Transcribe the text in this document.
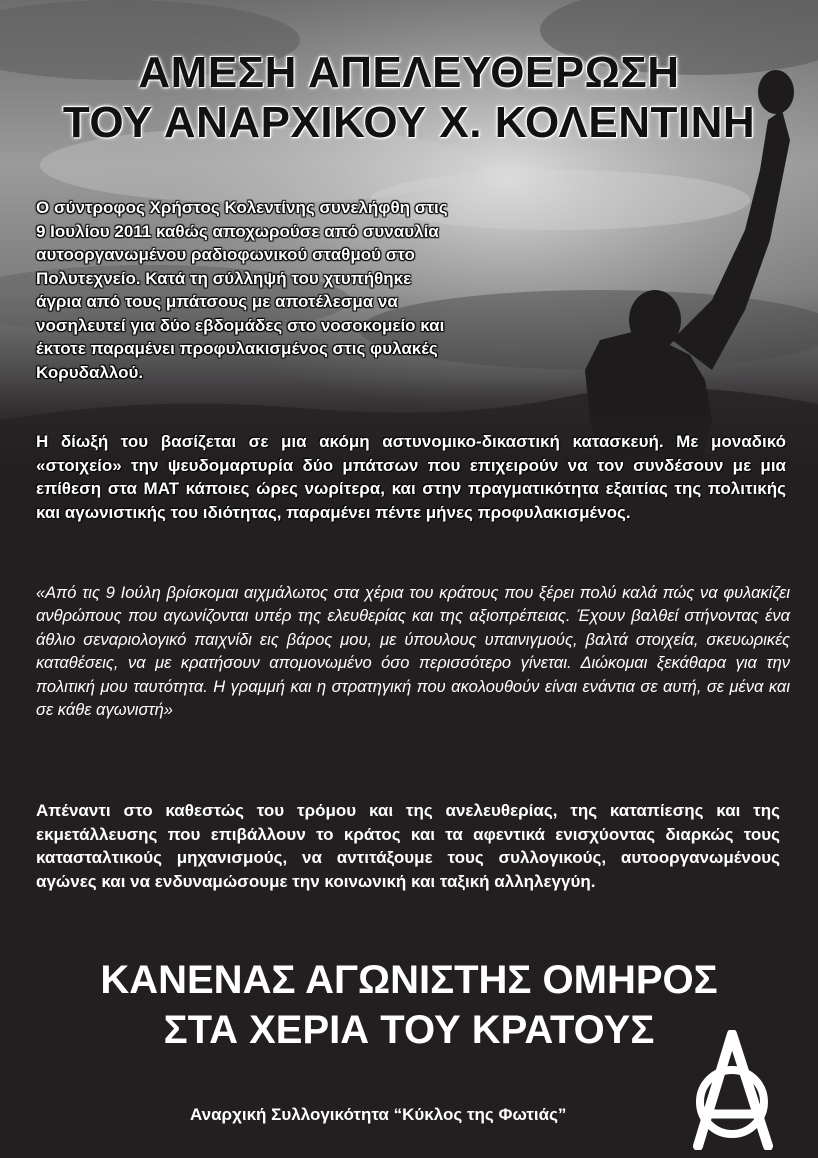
ΑΜΕΣΗ ΑΠΕΛΕΥΘΕΡΩΣΗ
ΤΟΥ ΑΝΑΡΧΙΚΟΥ Χ. ΚΟΛΕΝΤΙΝΗ
Ο σύντροφος Χρήστος Κολεντίνης συνελήφθη στις
9 Ιουλίου 2011 καθώς αποχωρούσε από συναυλία
αυτοοργανωμένου ραδιοφωνικού σταθμού στο
Πολυτεχνείο. Κατά τη σύλληψή του χτυπήθηκε
άγρια από τους μπάτσους με αποτέλεσμα να
νοσηλευτεί για δύο εβδομάδες στο νοσοκομείο και
έκτοτε παραμένει προφυλακισμένος στις φυλακές
Κορυδαλλού.
Η δίωξή του βασίζεται σε μια ακόμη αστυνομικο-δικαστική κατασκευή. Με μοναδικό «στοιχείο» την ψευδομαρτυρία δύο μπάτσων που επιχειρούν να τον συνδέσουν με μια επίθεση στα ΜΑΤ κάποιες ώρες νωρίτερα, και στην πραγματικότητα εξαιτίας της πολιτικής και αγωνιστικής του ιδιότητας, παραμένει πέντε μήνες προφυλακισμένος.
«Από τις 9 Ιούλη βρίσκομαι αιχμάλωτος στα χέρια του κράτους που ξέρει πολύ καλά πώς να φυλακίζει ανθρώπους που αγωνίζονται υπέρ της ελευθερίας και της αξιοπρέπειας. Έχουν βαλθεί στήνοντας ένα άθλιο σεναριολογικό παιχνίδι εις βάρος μου, με ύπουλους υπαινιγμούς, βαλτά στοιχεία, σκευωρικές καταθέσεις, να με κρατήσουν απομονωμένο όσο περισσότερο γίνεται. Διώκομαι ξεκάθαρα για την πολιτική μου ταυτότητα. Η γραμμή και η στρατηγική που ακολουθούν είναι ενάντια σε αυτή, σε μένα και σε κάθε αγωνιστή»
Απέναντι στο καθεστώς του τρόμου και της ανελευθερίας, της καταπίεσης και της εκμετάλλευσης που επιβάλλουν το κράτος και τα αφεντικά ενισχύοντας διαρκώς τους κατασταλτικούς μηχανισμούς, να αντιτάξουμε τους συλλογικούς, αυτοοργανωμένους αγώνες και να ενδυναμώσουμε την κοινωνική και ταξική αλληλεγγύη.
ΚΑΝΕΝΑΣ ΑΓΩΝΙΣΤΗΣ ΟΜΗΡΟΣ
ΣΤΑ ΧΕΡΙΑ ΤΟΥ ΚΡΑΤΟΥΣ
Αναρχική Συλλογικότητα “Κύκλος της Φωτιάς”
